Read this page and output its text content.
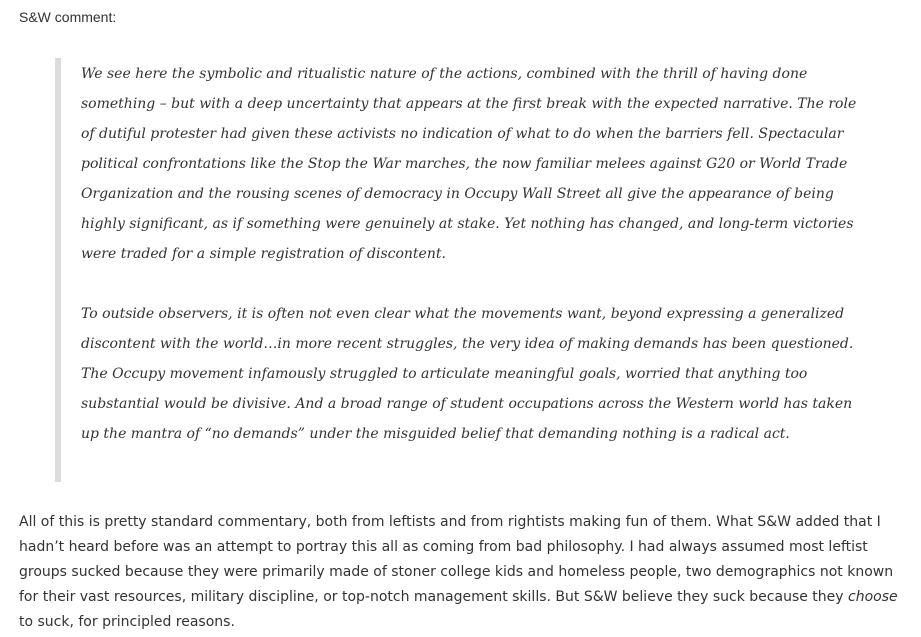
S&W comment:

We see here the symbolic and ritualistic nature of the actions, combined with the thrill of having done something – but with a deep uncertainty that appears at the first break with the expected narrative. The role of dutiful protester had given these activists no indication of what to do when the barriers fell. Spectacular political confrontations like the Stop the War marches, the now familiar melees against G20 or World Trade Organization and the rousing scenes of democracy in Occupy Wall Street all give the appearance of being highly significant, as if something were genuinely at stake. Yet nothing has changed, and long-term victories were traded for a simple registration of discontent.

To outside observers, it is often not even clear what the movements want, beyond expressing a generalized discontent with the world…in more recent struggles, the very idea of making demands has been questioned. The Occupy movement infamously struggled to articulate meaningful goals, worried that anything too substantial would be divisive. And a broad range of student occupations across the Western world has taken up the mantra of “no demands” under the misguided belief that demanding nothing is a radical act.

All of this is pretty standard commentary, both from leftists and from rightists making fun of them. What S&W added that I hadn’t heard before was an attempt to portray this all as coming from bad philosophy. I had always assumed most leftist groups sucked because they were primarily made of stoner college kids and homeless people, two demographics not known for their vast resources, military discipline, or top-notch management skills. But S&W believe they suck because they choose to suck, for principled reasons.
